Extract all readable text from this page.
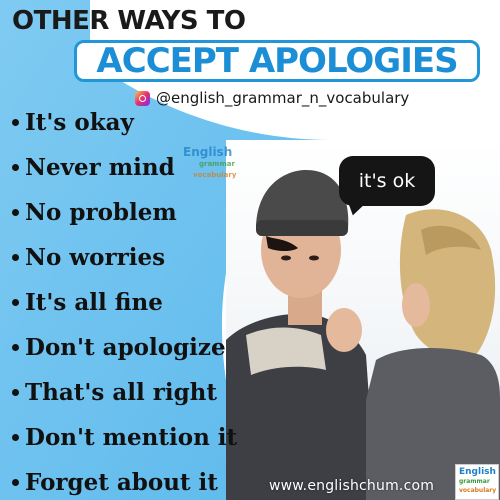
OTHER WAYS TO
ACCEPT APOLOGIES
@english_grammar_n_vocabulary
it's ok
It's okay
Never mind
No problem
No worries
It's all fine
Don't apologize
That's all right
Don't mention it
Forget about it
English
grammar
vocabulary
www.englishchum.com
English
grammar
vocabulary
